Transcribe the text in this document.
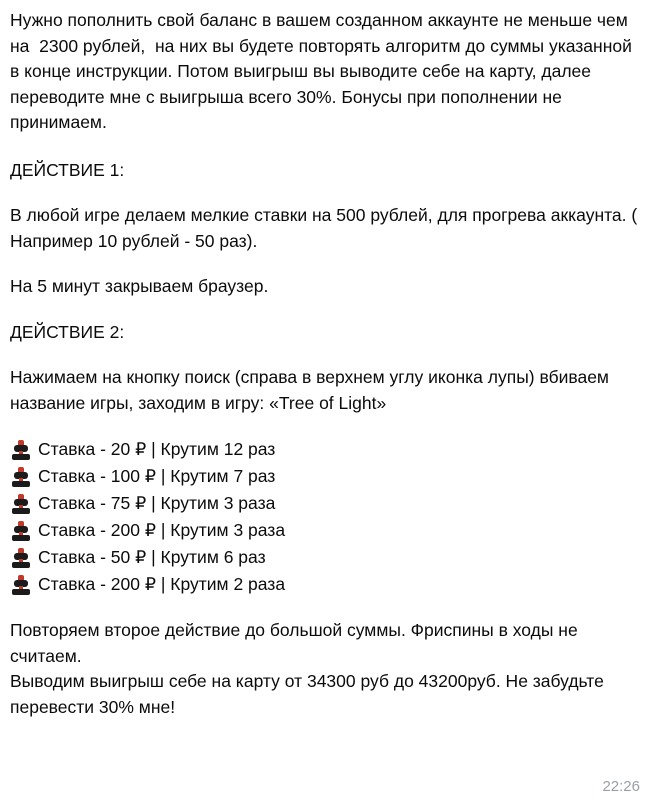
Нужно пополнить свой баланс в вашем созданном аккаунте не меньше чем на  2300 рублей,  на них вы будете повторять алгоритм до суммы указанной в конце инструкции. Потом выигрыш вы выводите себе на карту, далее переводите мне с выигрыша всего 30%. Бонусы при пополнении не принимаем.

ДЕЙСТВИЕ 1:

В любой игре делаем мелкие ставки на 500 рублей, для прогрева аккаунта. ( Например 10 рублей - 50 раз).

На 5 минут закрываем браузер.

ДЕЙСТВИЕ 2:

Нажимаем на кнопку поиск (справа в верхнем углу иконка лупы) вбиваем название игры, заходим в игру: «Tree of Light»

Ставка - 20 ₽ | Крутим 12 раз
Ставка - 100 ₽ | Крутим 7 раз
Ставка - 75 ₽ | Крутим 3 раза
Ставка - 200 ₽ | Крутим 3 раза
Ставка - 50 ₽ | Крутим 6 раз
Ставка - 200 ₽ | Крутим 2 раза

Повторяем второе действие до большой суммы. Фриспины в ходы не считаем.

Выводим выигрыш себе на карту от 34300 руб до 43200руб. Не забудьте перевести 30% мне!

22:26
